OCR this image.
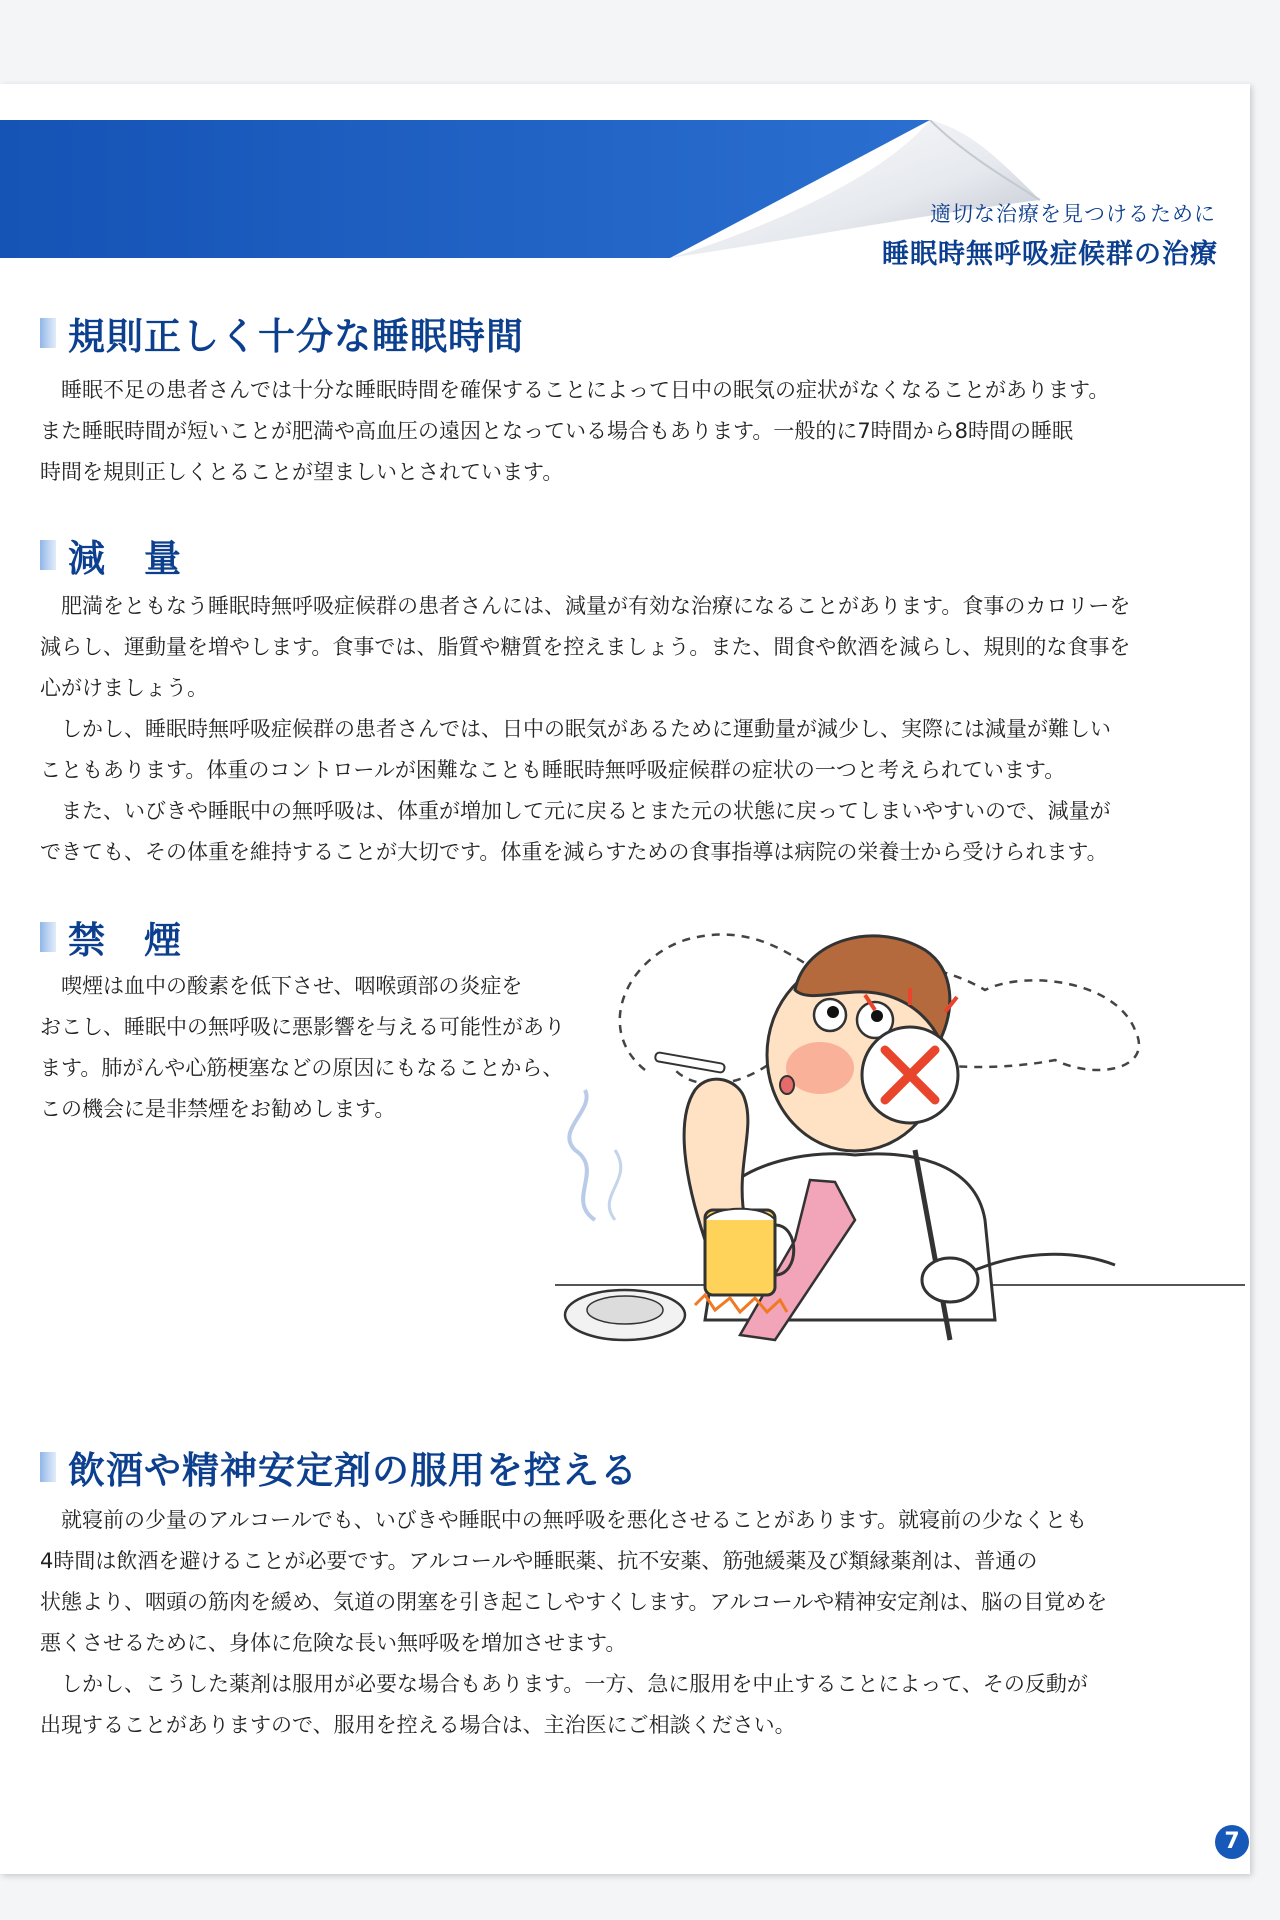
適切な治療を見つけるために
睡眠時無呼吸症候群の治療
規則正しく十分な睡眠時間
睡眠不足の患者さんでは十分な睡眠時間を確保することによって日中の眠気の症状がなくなることがあります。
また睡眠時間が短いことが肥満や高血圧の遠因となっている場合もあります。一般的に7時間から8時間の睡眠
時間を規則正しくとることが望ましいとされています。
減　量
肥満をともなう睡眠時無呼吸症候群の患者さんには、減量が有効な治療になることがあります。食事のカロリーを
減らし、運動量を増やします。食事では、脂質や糖質を控えましょう。また、間食や飲酒を減らし、規則的な食事を
心がけましょう。
しかし、睡眠時無呼吸症候群の患者さんでは、日中の眠気があるために運動量が減少し、実際には減量が難しい
こともあります。体重のコントロールが困難なことも睡眠時無呼吸症候群の症状の一つと考えられています。
また、いびきや睡眠中の無呼吸は、体重が増加して元に戻るとまた元の状態に戻ってしまいやすいので、減量が
できても、その体重を維持することが大切です。体重を減らすための食事指導は病院の栄養士から受けられます。
禁　煙
喫煙は血中の酸素を低下させ、咽喉頭部の炎症を
おこし、睡眠中の無呼吸に悪影響を与える可能性があり
ます。肺がんや心筋梗塞などの原因にもなることから、
この機会に是非禁煙をお勧めします。
飲酒や精神安定剤の服用を控える
就寝前の少量のアルコールでも、いびきや睡眠中の無呼吸を悪化させることがあります。就寝前の少なくとも
4時間は飲酒を避けることが必要です。アルコールや睡眠薬、抗不安薬、筋弛緩薬及び類縁薬剤は、普通の
状態より、咽頭の筋肉を緩め、気道の閉塞を引き起こしやすくします。アルコールや精神安定剤は、脳の目覚めを
悪くさせるために、身体に危険な長い無呼吸を増加させます。
しかし、こうした薬剤は服用が必要な場合もあります。一方、急に服用を中止することによって、その反動が
出現することがありますので、服用を控える場合は、主治医にご相談ください。
7
